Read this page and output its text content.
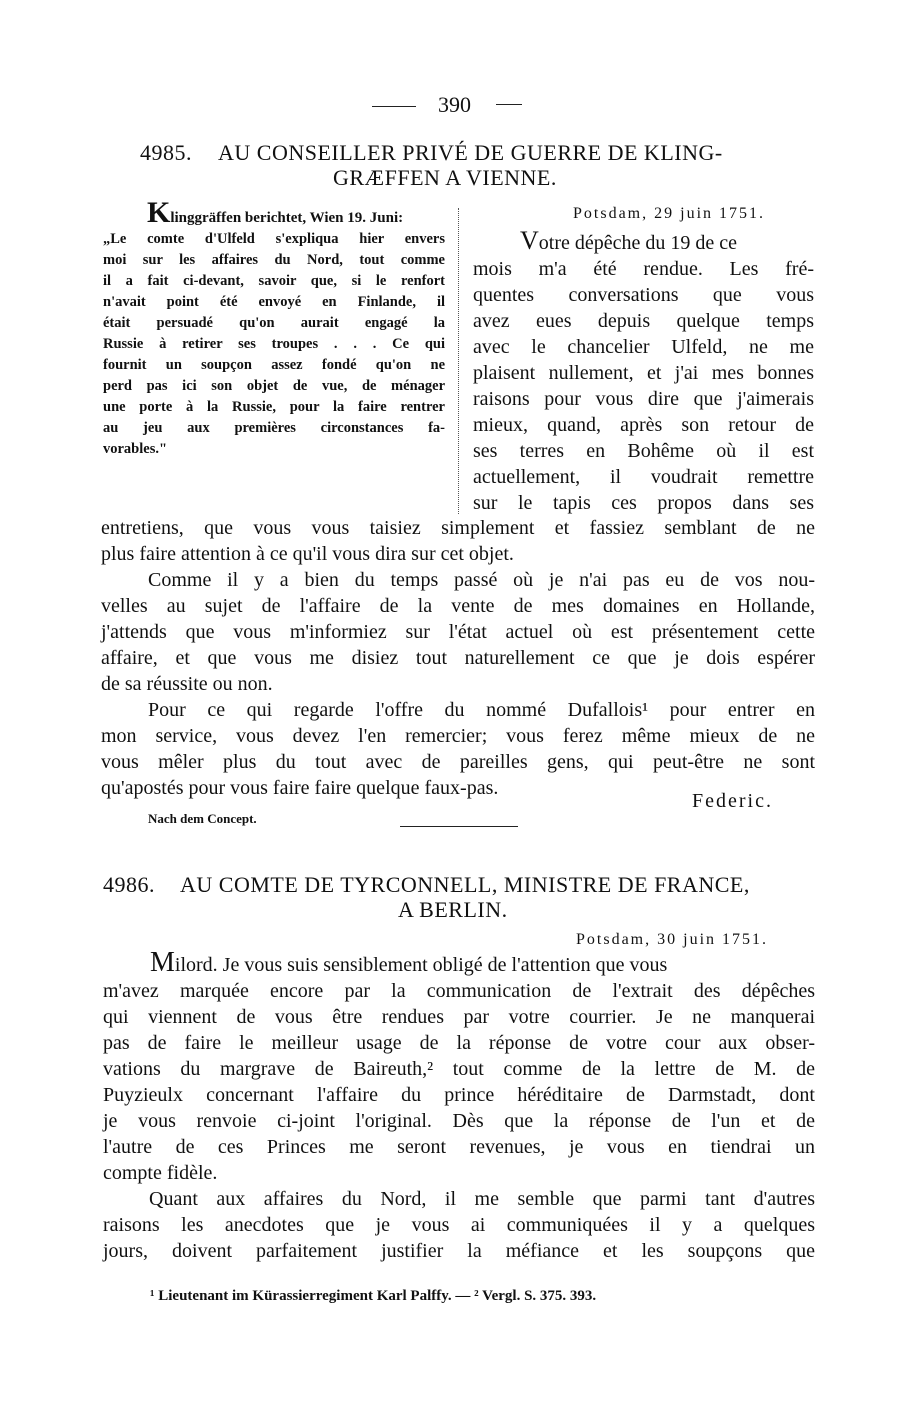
390
4985. AU CONSEILLER PRIVÉ DE GUERRE DE KLING-
GRÆFFEN A VIENNE.
Klinggräffen berichtet, Wien 19. Juni:
„Le comte d'Ulfeld s'expliqua hier envers
moi sur les affaires du Nord, tout comme
il a fait ci-devant, savoir que, si le renfort
n'avait point été envoyé en Finlande, il
était persuadé qu'on aurait engagé la
Russie à retirer ses troupes . . . Ce qui
fournit un soupçon assez fondé qu'on ne
perd pas ici son objet de vue, de ménager
une porte à la Russie, pour la faire rentrer
au jeu aux premières circonstances fa-
vorables."
Potsdam, 29 juin 1751.
Votre dépêche du 19 de ce
mois m'a été rendue. Les fré-
quentes conversations que vous
avez eues depuis quelque temps
avec le chancelier Ulfeld, ne me
plaisent nullement, et j'ai mes bonnes
raisons pour vous dire que j'aimerais
mieux, quand, après son retour de
ses terres en Bohême où il est
actuellement, il voudrait remettre
sur le tapis ces propos dans ses
entretiens, que vous vous taisiez simplement et fassiez semblant de ne
plus faire attention à ce qu'il vous dira sur cet objet.
Comme il y a bien du temps passé où je n'ai pas eu de vos nou-
velles au sujet de l'affaire de la vente de mes domaines en Hollande,
j'attends que vous m'informiez sur l'état actuel où est présentement cette
affaire, et que vous me disiez tout naturellement ce que je dois espérer
de sa réussite ou non.
Pour ce qui regarde l'offre du nommé Dufallois¹ pour entrer en
mon service, vous devez l'en remercier; vous ferez même mieux de ne
vous mêler plus du tout avec de pareilles gens, qui peut-être ne sont
qu'apostés pour vous faire faire quelque faux-pas.
Federic.
Nach dem Concept.
4986. AU COMTE DE TYRCONNELL, MINISTRE DE FRANCE,
A BERLIN.
Potsdam, 30 juin 1751.
Milord. Je vous suis sensiblement obligé de l'attention que vous
m'avez marquée encore par la communication de l'extrait des dépêches
qui viennent de vous être rendues par votre courrier. Je ne manquerai
pas de faire le meilleur usage de la réponse de votre cour aux obser-
vations du margrave de Baireuth,² tout comme de la lettre de M. de
Puyzieulx concernant l'affaire du prince héréditaire de Darmstadt, dont
je vous renvoie ci-joint l'original. Dès que la réponse de l'un et de
l'autre de ces Princes me seront revenues, je vous en tiendrai un
compte fidèle.
Quant aux affaires du Nord, il me semble que parmi tant d'autres
raisons les anecdotes que je vous ai communiquées il y a quelques
jours, doivent parfaitement justifier la méfiance et les soupçons que
¹ Lieutenant im Kürassierregiment Karl Palffy. — ² Vergl. S. 375. 393.
